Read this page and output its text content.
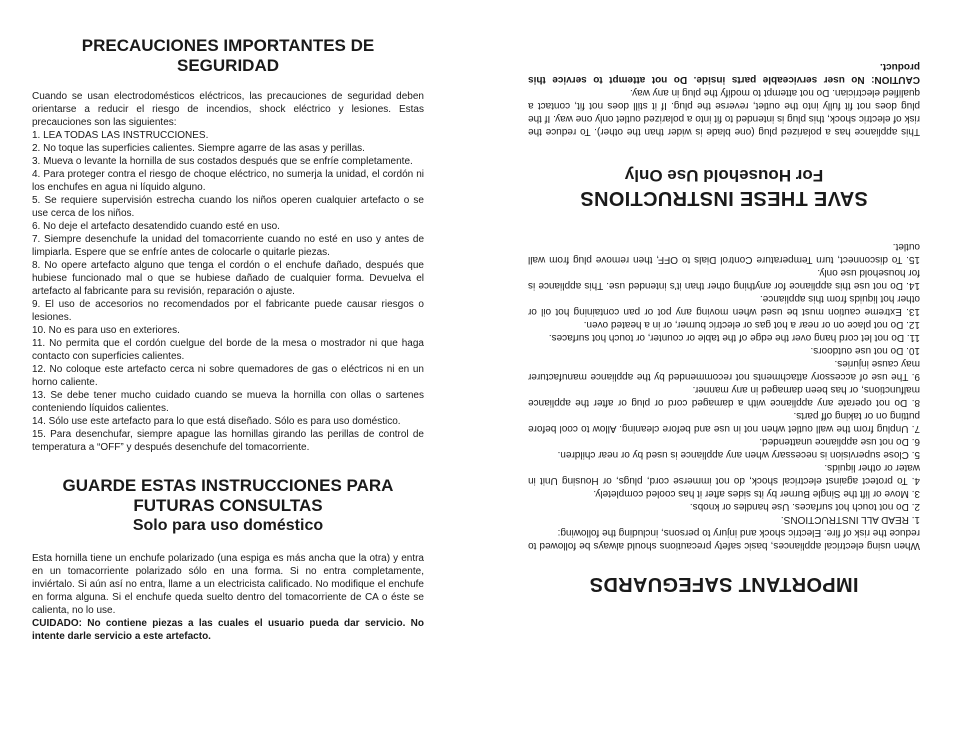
PRECAUCIONES IMPORTANTES DE
SEGURIDAD

Cuando se usan electrodomésticos eléctricos, las precauciones de seguridad deben orientarse a reducir el riesgo de incendios, shock eléctrico y lesiones. Estas precauciones son las siguientes:

1. LEA TODAS LAS INSTRUCCIONES.

2. No toque las superficies calientes. Siempre agarre de las asas y perillas.

3. Mueva o levante la hornilla de sus costados después que se enfríe completamente.

4. Para proteger contra el riesgo de choque eléctrico, no sumerja la unidad, el cordón ni los enchufes en agua ni líquido alguno.

5. Se requiere supervisión estrecha cuando los niños operen cualquier artefacto o se use cerca de los niños.

6. No deje el artefacto desatendido cuando esté en uso.

7. Siempre desenchufe la unidad del tomacorriente cuando no esté en uso y antes de limpiarla. Espere que se enfríe antes de colocarle o quitarle piezas.

8. No opere artefacto alguno que tenga el cordón o el enchufe dañado, después que hubiese funcionado mal o que se hubiese dañado de cualquier forma. Devuelva el artefacto al fabricante para su revisión, reparación o ajuste.

9. El uso de accesorios no recomendados por el fabricante puede causar riesgos o lesiones.

10. No es para uso en exteriores.

11. No permita que el cordón cuelgue del borde de la mesa o mostrador ni que haga contacto con superficies calientes.

12. No coloque este artefacto cerca ni sobre quemadores de gas o eléctricos ni en un horno caliente.

13. Se debe tener mucho cuidado cuando se mueva la hornilla con ollas o sartenes conteniendo líquidos calientes.

14. Sólo use este artefacto para lo que está diseñado. Sólo es para uso doméstico.

15. Para desenchufar, siempre apague las hornillas girando las perillas de control de temperatura a “OFF” y después desenchufe del tomacorriente.

GUARDE ESTAS INSTRUCCIONES PARA
FUTURAS CONSULTAS
Solo para uso doméstico

Esta hornilla tiene un enchufe polarizado (una espiga es más ancha que la otra) y entra en un tomacorriente polarizado sólo en una forma. Si no entra completamente, inviértalo. Si aún así no entra, llame a un electricista calificado. No modifique el enchufe en forma alguna. Si el enchufe queda suelto dentro del tomacorriente de CA o éste se calienta, no lo use.

CUIDADO: No contiene piezas a las cuales el usuario pueda dar servicio. No intente darle servicio a este artefacto.

IMPORTANT SAFEGUARDS

When using electrical appliances, basic safety precautions should always be followed to reduce the risk of fire. Electric shock and injury to persons, including the following:

1. READ ALL INSTRUCTIONS.

2. Do not touch hot surfaces. Use handles or knobs.

3. Move or lift the Single Burner by its sides after it has cooled completely.

4. To protect against electrical shock, do not immerse cord, plugs, or Housing Unit in water or other liquids.

5. Close supervision is necessary when any appliance is used by or near children.

6. Do not use appliance unattended.

7. Unplug from the wall outlet when not in use and before cleaning. Allow to cool before putting on or taking off parts.

8. Do not operate any appliance with a damaged cord or plug or after the appliance malfunctions, or has been damaged in any manner.

9. The use of accessory attachments not recommended by the appliance manufacturer may cause injuries.

10. Do not use outdoors.

11. Do not let cord hang over the edge of the table or counter, or touch hot surfaces.

12. Do not place on or near a hot gas or electric burner, or in a heated oven.

13. Extreme caution must be used when moving any pot or pan containing hot oil or other hot liquids from this appliance.

14. Do not use this appliance for anything other than it's intended use. This appliance is for household use only.

15. To disconnect, turn Temperature Control Dials to OFF, then remove plug from wall outlet.

SAVE THESE INSTRUCTIONS
For Household Use Only

This appliance has a polarized plug (one blade is wider than the other). To reduce the risk of electric shock, this plug is intended to fit into a polarized outlet only one way. If the plug does not fit fully into the outlet, reverse the plug. If it still does not fit, contact a qualified electrician. Do not attempt to modify the plug in any way.

CAUTION: No user serviceable parts inside. Do not attempt to service this product.
